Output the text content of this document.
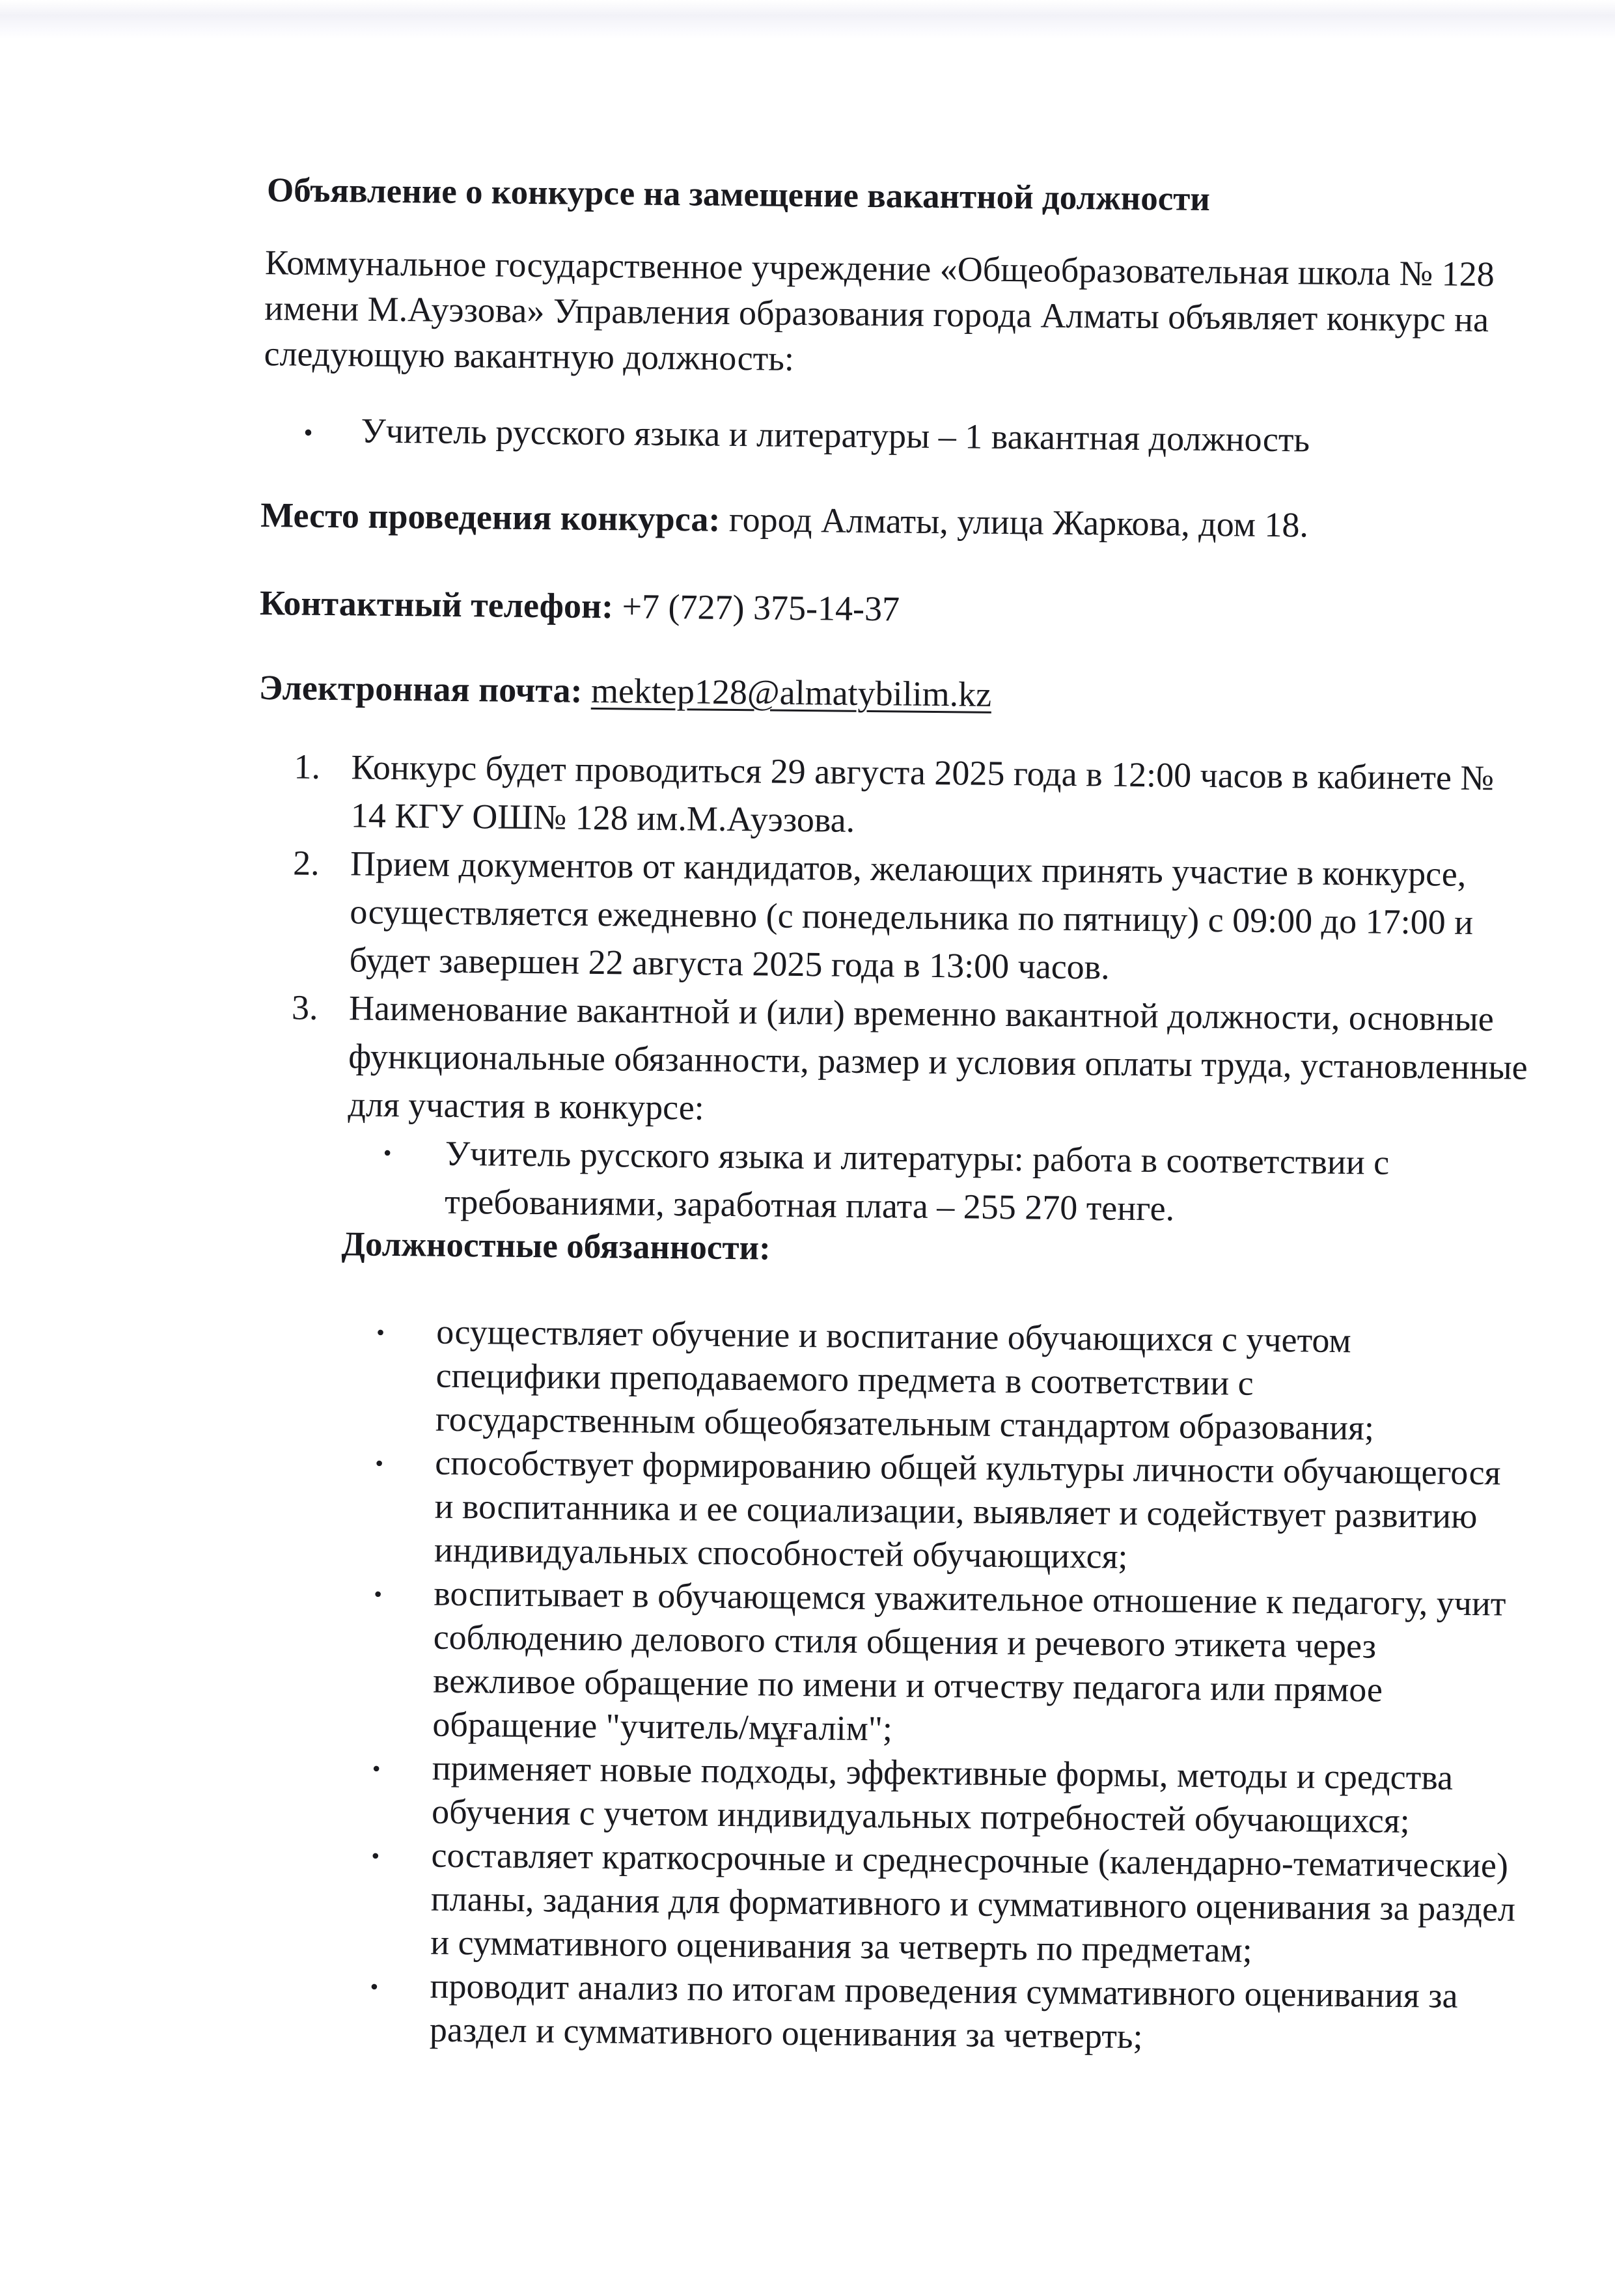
Объявление о конкурсе на замещение вакантной должности
Коммунальное государственное учреждение «Общеобразовательная школа № 128 имени М.Ауэзова» Управления образования города Алматы объявляет конкурс на следующую вакантную должность:
• Учитель русского языка и литературы – 1 вакантная должность
Место проведения конкурса: город Алматы, улица Жаркова, дом 18.
Контактный телефон: +7 (727) 375-14-37
Электронная почта: mektep128@almatybilim.kz
1. Конкурс будет проводиться 29 августа 2025 года в 12:00 часов в кабинете № 14 КГУ ОШ№ 128 им.М.Ауэзова.
2. Прием документов от кандидатов, желающих принять участие в конкурсе, осуществляется ежедневно (с понедельника по пятницу) с 09:00 до 17:00 и будет завершен 22 августа 2025 года в 13:00 часов.
3. Наименование вакантной и (или) временно вакантной должности, основные функциональные обязанности, размер и условия оплаты труда, установленные для участия в конкурсе:
• Учитель русского языка и литературы: работа в соответствии с требованиями, заработная плата – 255 270 тенге.
Должностные обязанности:
• осуществляет обучение и воспитание обучающихся с учетом специфики преподаваемого предмета в соответствии с государственным общеобязательным стандартом образования;
• способствует формированию общей культуры личности обучающегося и воспитанника и ее социализации, выявляет и содействует развитию индивидуальных способностей обучающихся;
• воспитывает в обучающемся уважительное отношение к педагогу, учит соблюдению делового стиля общения и речевого этикета через вежливое обращение по имени и отчеству педагога или прямое обращение "учитель/мұғалім";
• применяет новые подходы, эффективные формы, методы и средства обучения с учетом индивидуальных потребностей обучающихся;
• составляет краткосрочные и среднесрочные (календарно-тематические) планы, задания для формативного и суммативного оценивания за раздел и суммативного оценивания за четверть по предметам;
• проводит анализ по итогам проведения суммативного оценивания за раздел и суммативного оценивания за четверть;
